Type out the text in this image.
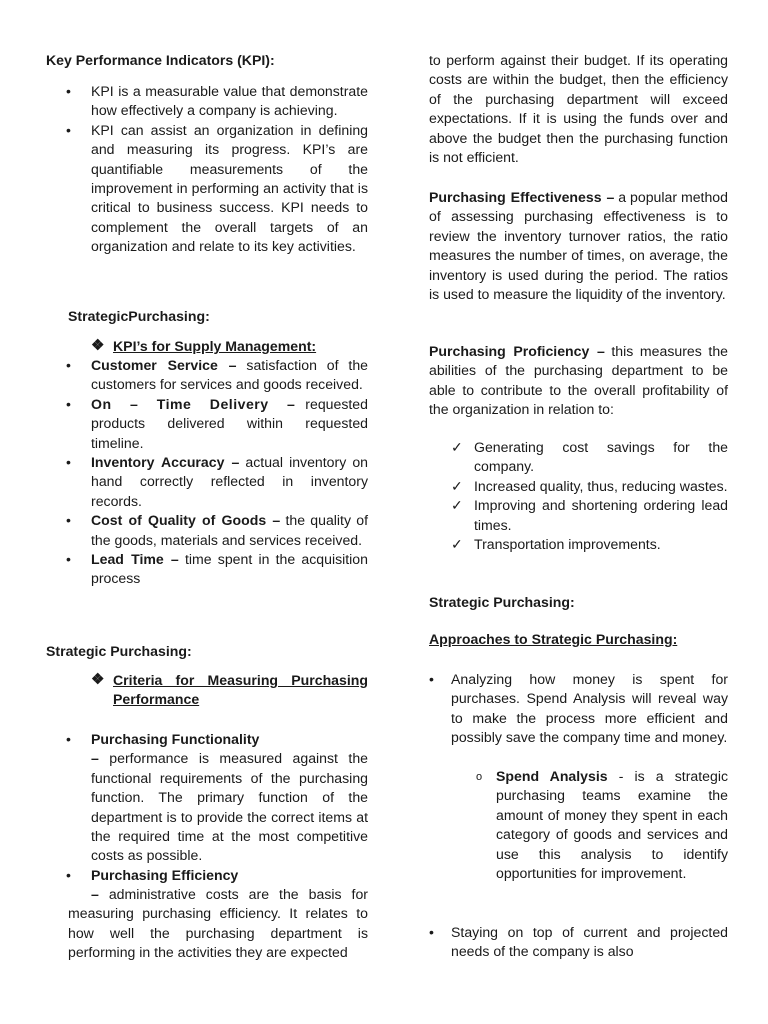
Key Performance Indicators (KPI):

• KPI is a measurable value that demonstrate how effectively a company is achieving.
• KPI can assist an organization in defining and measuring its progress. KPI’s are quantifiable measurements of the improvement in performing an activity that is critical to business success. KPI needs to complement the overall targets of an organization and relate to its key activities.

StrategicPurchasing:

❖ KPI’s for Supply Management:

• Customer Service – satisfaction of the customers for services and goods received.
• On – Time Delivery – requested products delivered within requested timeline.
• Inventory Accuracy – actual inventory on hand correctly reflected in inventory records.
• Cost of Quality of Goods – the quality of the goods, materials and services received.
• Lead Time – time spent in the acquisition process

Strategic Purchasing:

❖ Criteria for Measuring Purchasing Performance

• Purchasing Functionality
– performance is measured against the functional requirements of the purchasing function. The primary function of the department is to provide the correct items at the required time at the most competitive costs as possible.
• Purchasing Efficiency

– administrative costs are the basis for measuring purchasing efficiency. It relates to how well the purchasing department is performing in the activities they are expected

to perform against their budget. If its operating costs are within the budget, then the efficiency of the purchasing department will exceed expectations. If it is using the funds over and above the budget then the purchasing function is not efficient.

Purchasing Effectiveness – a popular method of assessing purchasing effectiveness is to review the inventory turnover ratios, the ratio measures the number of times, on average, the inventory is used during the period. The ratios is used to measure the liquidity of the inventory.

Purchasing Proficiency – this measures the abilities of the purchasing department to be able to contribute to the overall profitability of the organization in relation to:

✓ Generating cost savings for the company.
✓ Increased quality, thus, reducing wastes.
✓ Improving and shortening ordering lead times.
✓ Transportation improvements.

Strategic Purchasing:

Approaches to Strategic Purchasing:

• Analyzing how money is spent for purchases. Spend Analysis will reveal way to make the process more efficient and possibly save the company time and money.

o Spend Analysis - is a strategic purchasing teams examine the amount of money they spent in each category of goods and services and use this analysis to identify opportunities for improvement.

• Staying on top of current and projected needs of the company is also
